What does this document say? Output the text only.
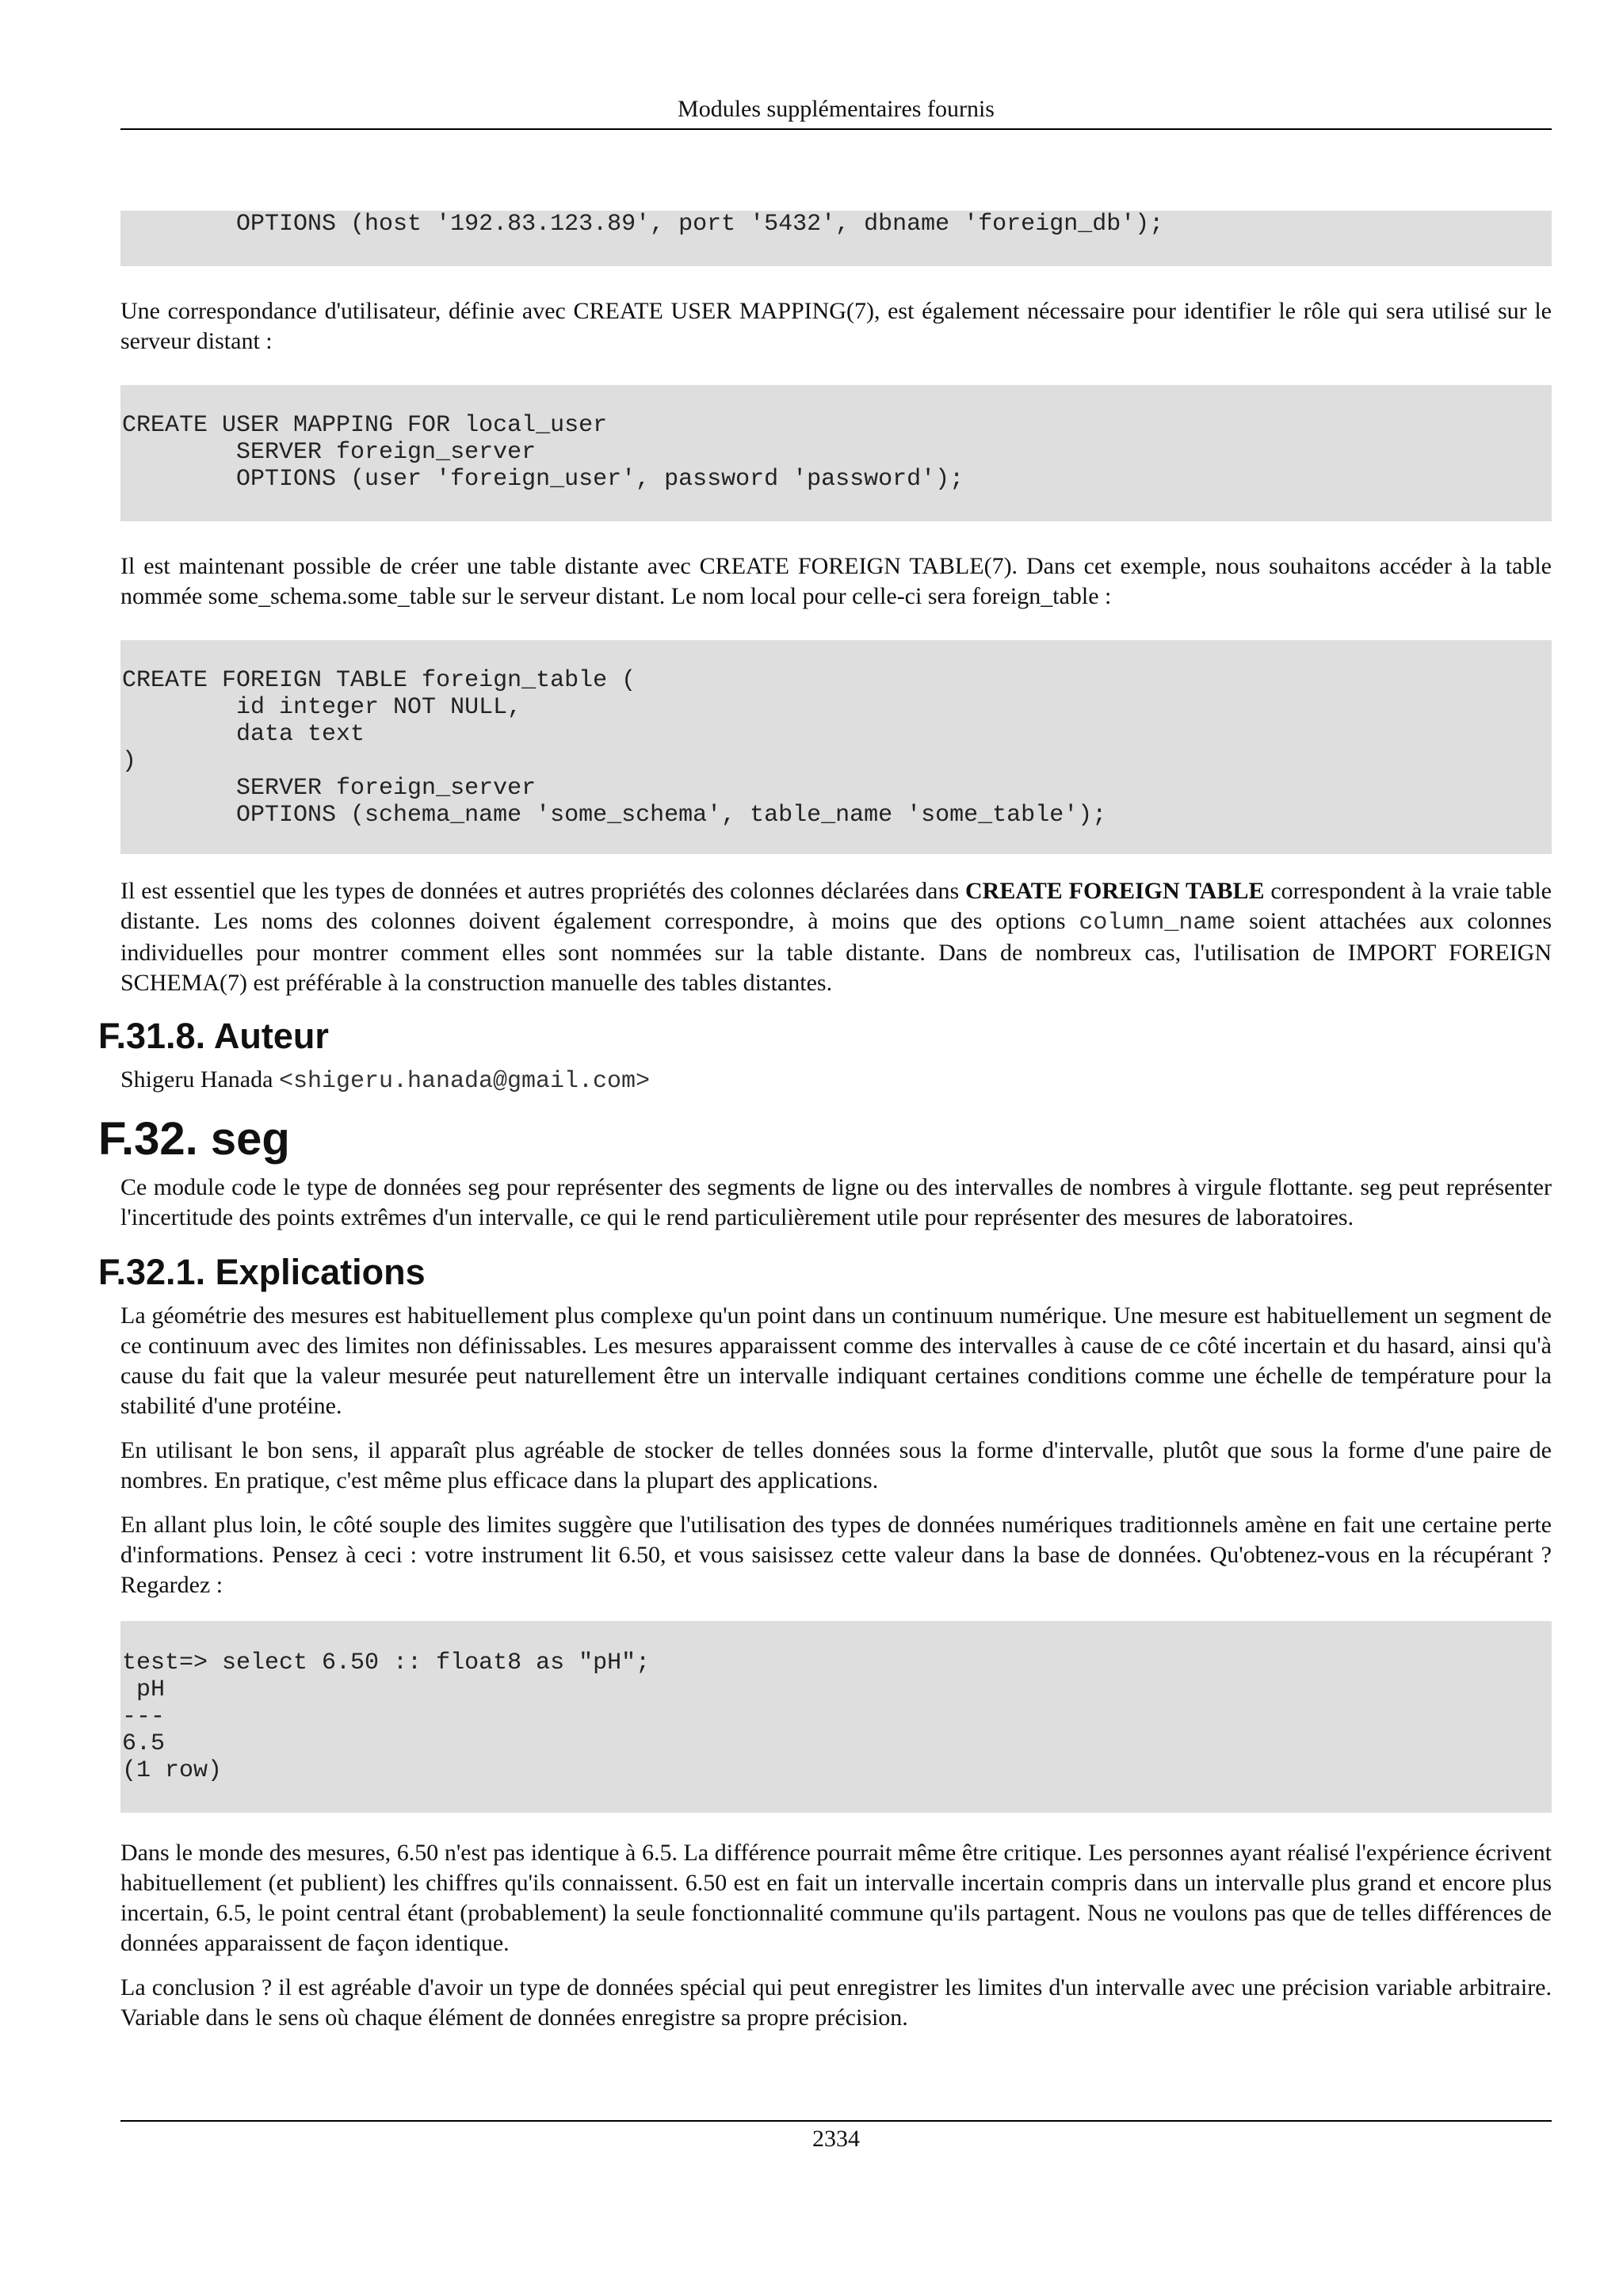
Modules supplémentaires fournis
OPTIONS (host '192.83.123.89', port '5432', dbname 'foreign_db');

Une correspondance d'utilisateur, définie avec CREATE USER MAPPING(7), est également nécessaire pour identifier le rôle qui sera utilisé sur le serveur distant :

CREATE USER MAPPING FOR local_user
SERVER foreign_server
OPTIONS (user 'foreign_user', password 'password');

Il est maintenant possible de créer une table distante avec CREATE FOREIGN TABLE(7). Dans cet exemple, nous souhaitons accéder à la table nommée some_schema.some_table sur le serveur distant. Le nom local pour celle-ci sera foreign_table :

CREATE FOREIGN TABLE foreign_table (
id integer NOT NULL,
data text
)
SERVER foreign_server
OPTIONS (schema_name 'some_schema', table_name 'some_table');

Il est essentiel que les types de données et autres propriétés des colonnes déclarées dans CREATE FOREIGN TABLE correspondent à la vraie table distante. Les noms des colonnes doivent également correspondre, à moins que des options column_name soient attachées aux colonnes individuelles pour montrer comment elles sont nommées sur la table distante. Dans de nombreux cas, l'utilisation de IMPORT FOREIGN SCHEMA(7) est préférable à la construction manuelle des tables distantes.

F.31.8. Auteur

Shigeru Hanada <shigeru.hanada@gmail.com>

F.32. seg

Ce module code le type de données seg pour représenter des segments de ligne ou des intervalles de nombres à virgule flottante. seg peut représenter l'incertitude des points extrêmes d'un intervalle, ce qui le rend particulièrement utile pour représenter des mesures de laboratoires.

F.32.1. Explications

La géométrie des mesures est habituellement plus complexe qu'un point dans un continuum numérique. Une mesure est habituellement un segment de ce continuum avec des limites non définissables. Les mesures apparaissent comme des intervalles à cause de ce côté incertain et du hasard, ainsi qu'à cause du fait que la valeur mesurée peut naturellement être un intervalle indiquant certaines conditions comme une échelle de température pour la stabilité d'une protéine.

En utilisant le bon sens, il apparaît plus agréable de stocker de telles données sous la forme d'intervalle, plutôt que sous la forme d'une paire de nombres. En pratique, c'est même plus efficace dans la plupart des applications.

En allant plus loin, le côté souple des limites suggère que l'utilisation des types de données numériques traditionnels amène en fait une certaine perte d'informations. Pensez à ceci : votre instrument lit 6.50, et vous saisissez cette valeur dans la base de données. Qu'obtenez-vous en la récupérant ? Regardez :

test=> select 6.50 :: float8 as "pH";
pH
---
6.5
(1 row)

Dans le monde des mesures, 6.50 n'est pas identique à 6.5. La différence pourrait même être critique. Les personnes ayant réalisé l'expérience écrivent habituellement (et publient) les chiffres qu'ils connaissent. 6.50 est en fait un intervalle incertain compris dans un intervalle plus grand et encore plus incertain, 6.5, le point central étant (probablement) la seule fonctionnalité commune qu'ils partagent. Nous ne voulons pas que de telles différences de données apparaissent de façon identique.

La conclusion ? il est agréable d'avoir un type de données spécial qui peut enregistrer les limites d'un intervalle avec une précision variable arbitraire. Variable dans le sens où chaque élément de données enregistre sa propre précision.

2334
